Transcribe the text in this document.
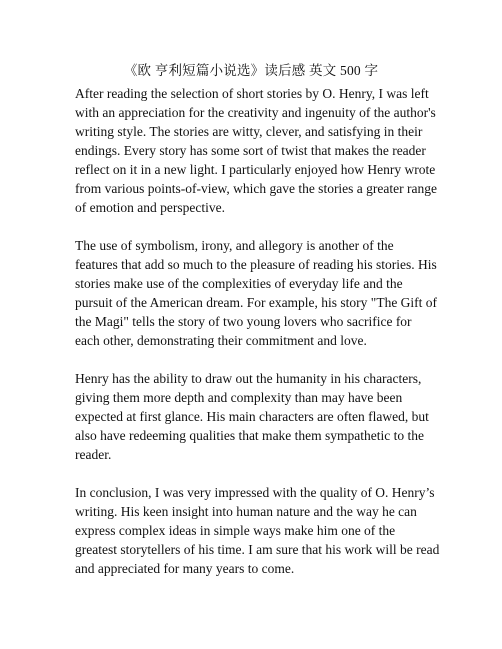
《欧 亨利短篇小说选》读后感 英文 500 字

After reading the selection of short stories by O. Henry, I was left
with an appreciation for the creativity and ingenuity of the author's
writing style. The stories are witty, clever, and satisfying in their
endings. Every story has some sort of twist that makes the reader
reflect on it in a new light. I particularly enjoyed how Henry wrote
from various points-of-view, which gave the stories a greater range
of emotion and perspective.

The use of symbolism, irony, and allegory is another of the
features that add so much to the pleasure of reading his stories. His
stories make use of the complexities of everyday life and the
pursuit of the American dream. For example, his story "The Gift of
the Magi" tells the story of two young lovers who sacrifice for
each other, demonstrating their commitment and love.

Henry has the ability to draw out the humanity in his characters,
giving them more depth and complexity than may have been
expected at first glance. His main characters are often flawed, but
also have redeeming qualities that make them sympathetic to the
reader.

In conclusion, I was very impressed with the quality of O. Henry’s
writing. His keen insight into human nature and the way he can
express complex ideas in simple ways make him one of the
greatest storytellers of his time. I am sure that his work will be read
and appreciated for many years to come.
